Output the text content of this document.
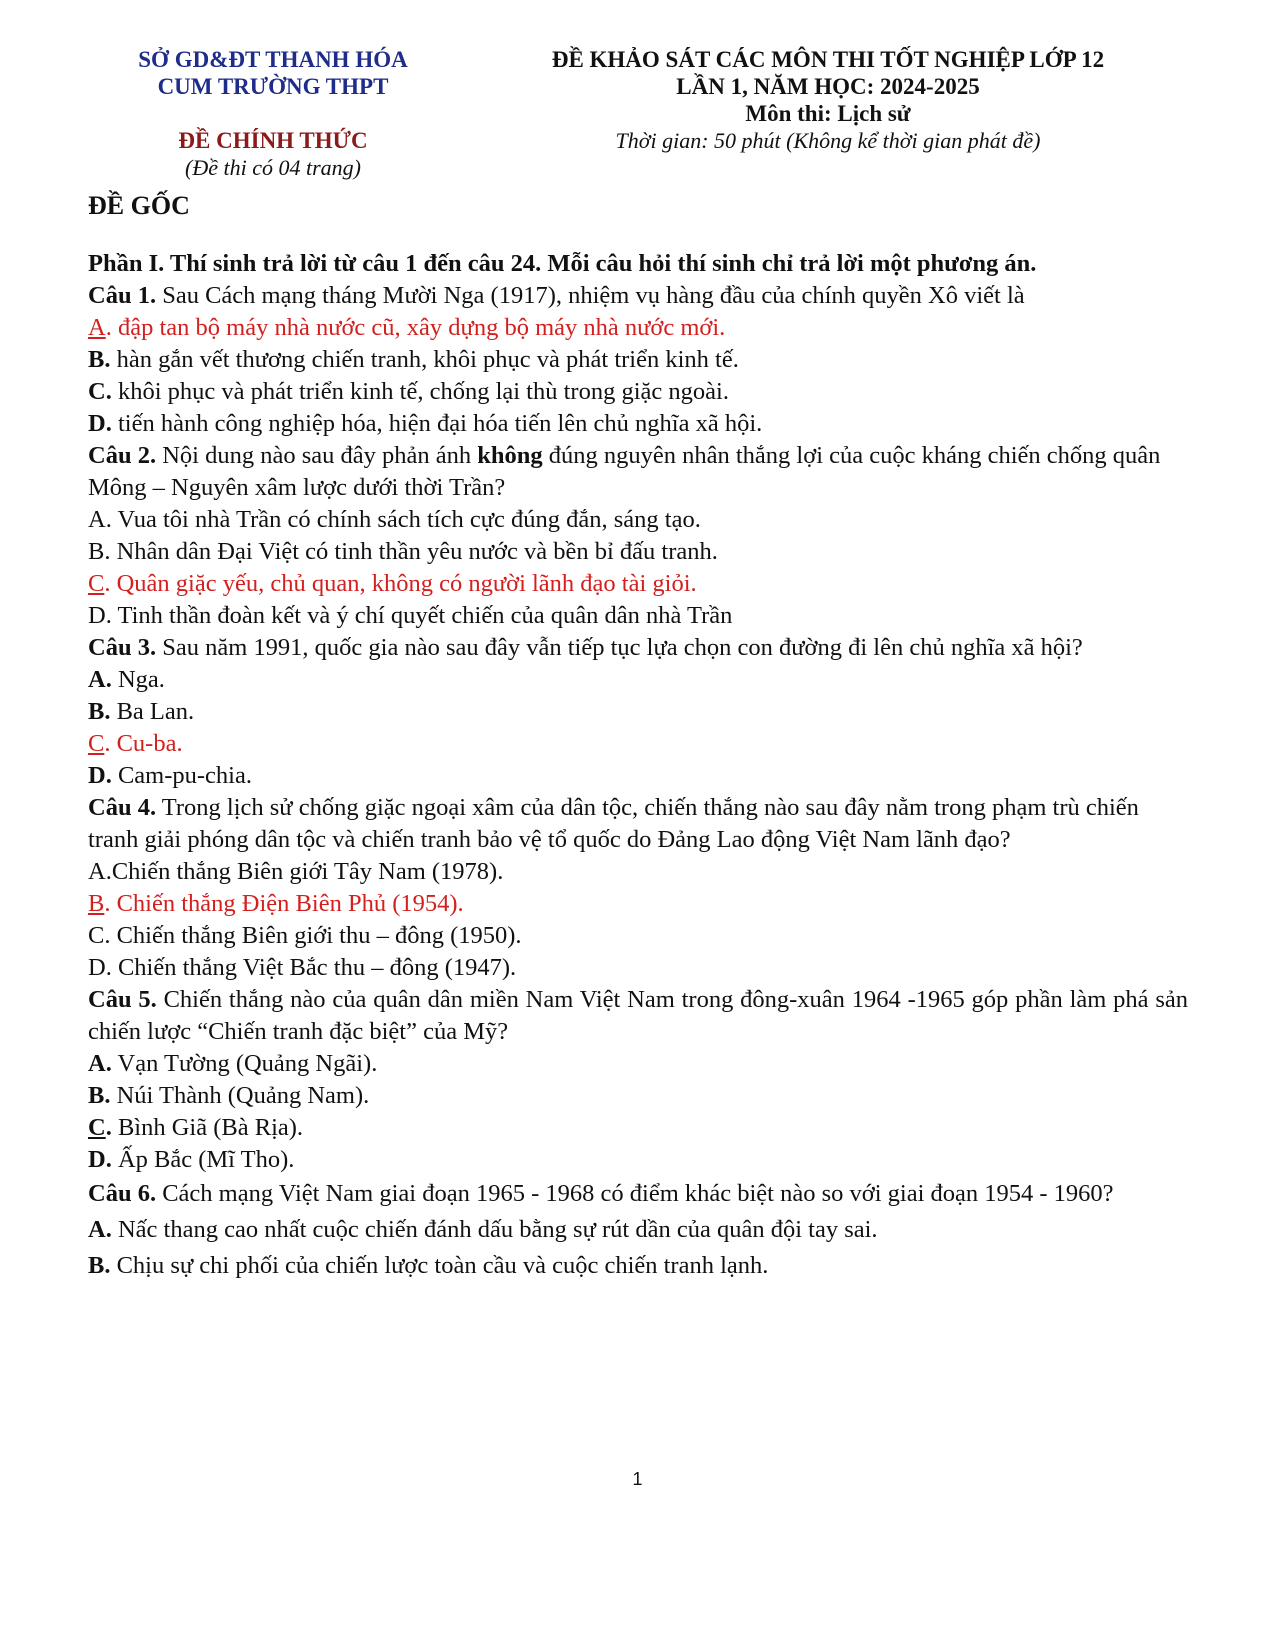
SỞ GD&ĐT THANH HÓA
CUM TRƯỜNG THPT
ĐỀ CHÍNH THỨC
(Đề thi có 04 trang)
ĐỀ KHẢO SÁT CÁC MÔN THI TỐT NGHIỆP LỚP 12
LẦN 1, NĂM HỌC: 2024-2025
Môn thi: Lịch sử
Thời gian: 50 phút (Không kể thời gian phát đề)
ĐỀ GỐC
Phần I. Thí sinh trả lời từ câu 1 đến câu 24. Mỗi câu hỏi thí sinh chỉ trả lời một phương án.
Câu 1. Sau Cách mạng tháng Mười Nga (1917), nhiệm vụ hàng đầu của chính quyền Xô viết là
A. đập tan bộ máy nhà nước cũ, xây dựng bộ máy nhà nước mới.
B. hàn gắn vết thương chiến tranh, khôi phục và phát triển kinh tế.
C. khôi phục và phát triển kinh tế, chống lại thù trong giặc ngoài.
D. tiến hành công nghiệp hóa, hiện đại hóa tiến lên chủ nghĩa xã hội.
Câu 2. Nội dung nào sau đây phản ánh không đúng nguyên nhân thắng lợi của cuộc kháng chiến chống quân Mông – Nguyên xâm lược dưới thời Trần?
A. Vua tôi nhà Trần có chính sách tích cực đúng đắn, sáng tạo.
B. Nhân dân Đại Việt có tinh thần yêu nước và bền bỉ đấu tranh.
C. Quân giặc yếu, chủ quan, không có người lãnh đạo tài giỏi.
D. Tinh thần đoàn kết và ý chí quyết chiến của quân dân nhà Trần
Câu 3. Sau năm 1991, quốc gia nào sau đây vẫn tiếp tục lựa chọn con đường đi lên chủ nghĩa xã hội?
A. Nga.
B. Ba Lan.
C. Cu-ba.
D. Cam-pu-chia.
Câu 4. Trong lịch sử chống giặc ngoại xâm của dân tộc, chiến thắng nào sau đây nằm trong phạm trù chiến tranh giải phóng dân tộc và chiến tranh bảo vệ tổ quốc do Đảng Lao động Việt Nam lãnh đạo?
A.Chiến thắng Biên giới Tây Nam (1978).
B. Chiến thắng Điện Biên Phủ (1954).
C. Chiến thắng Biên giới thu – đông (1950).
D. Chiến thắng Việt Bắc thu – đông (1947).
Câu 5. Chiến thắng nào của quân dân miền Nam Việt Nam trong đông-xuân 1964 -1965 góp phần làm phá sản chiến lược “Chiến tranh đặc biệt” của Mỹ?
A. Vạn Tường (Quảng Ngãi).
B. Núi Thành (Quảng Nam).
C. Bình Giã (Bà Rịa).
D. Ấp Bắc (Mĩ Tho).
Câu 6. Cách mạng Việt Nam giai đoạn 1965 - 1968 có điểm khác biệt nào so với giai đoạn 1954 - 1960?
A. Nấc thang cao nhất cuộc chiến đánh dấu bằng sự rút dần của quân đội tay sai.
B. Chịu sự chi phối của chiến lược toàn cầu và cuộc chiến tranh lạnh.
1
